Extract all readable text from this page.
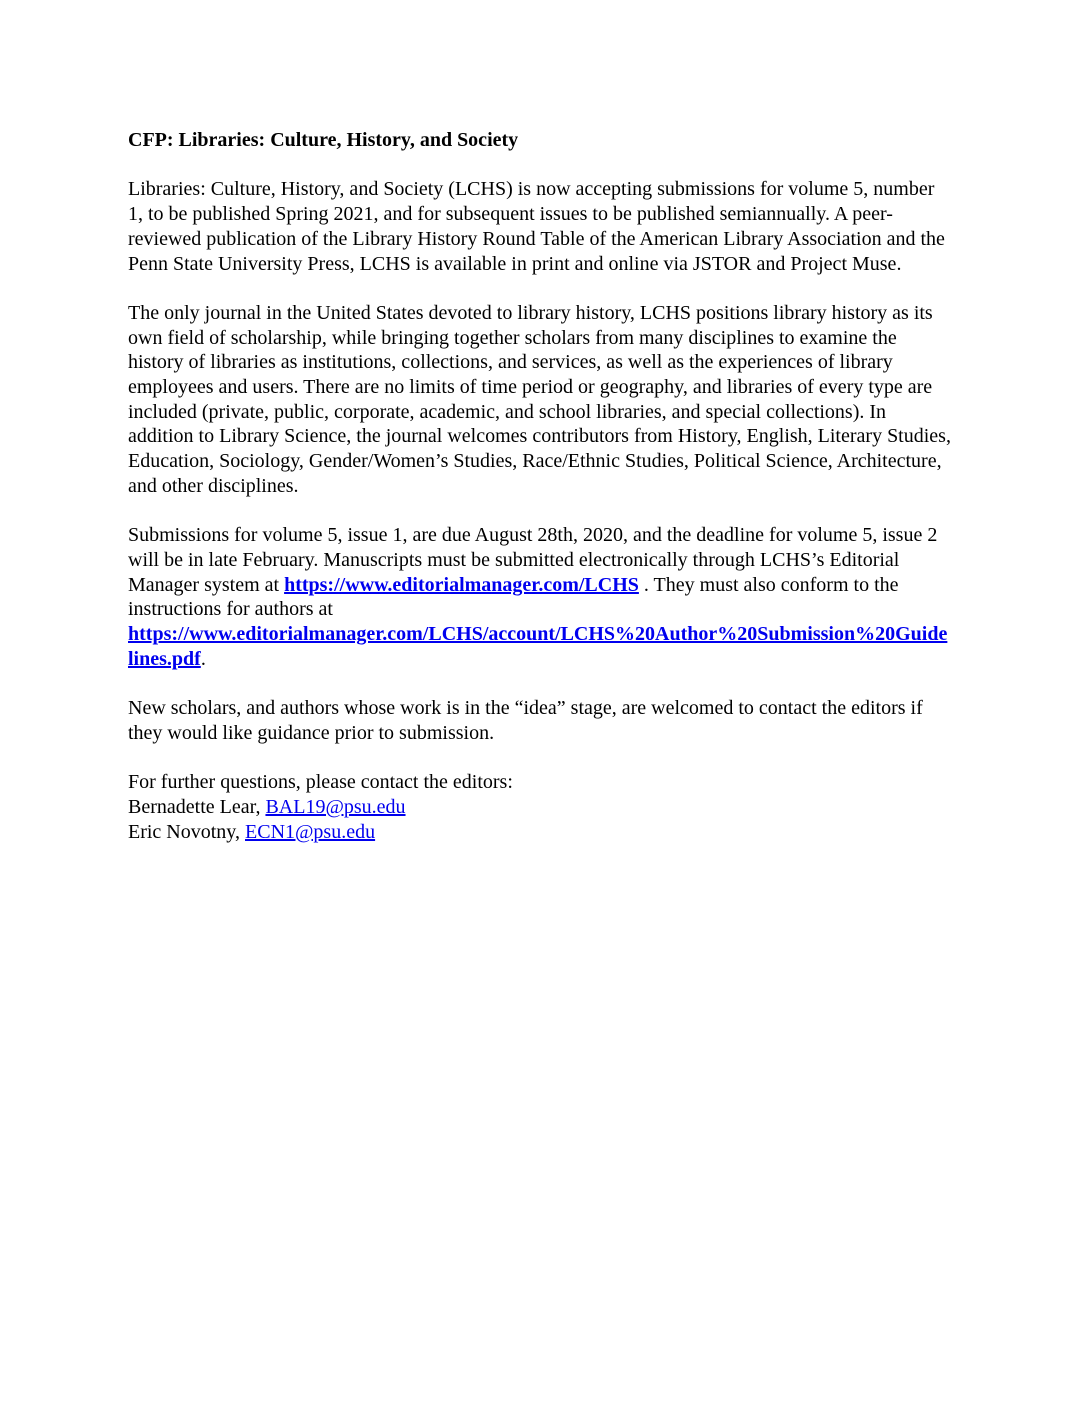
CFP: Libraries: Culture, History, and Society

Libraries: Culture, History, and Society (LCHS) is now accepting submissions for volume 5, number 1, to be published Spring 2021, and for subsequent issues to be published semiannually. A peer-reviewed publication of the Library History Round Table of the American Library Association and the Penn State University Press, LCHS is available in print and online via JSTOR and Project Muse.

The only journal in the United States devoted to library history, LCHS positions library history as its own field of scholarship, while bringing together scholars from many disciplines to examine the history of libraries as institutions, collections, and services, as well as the experiences of library employees and users. There are no limits of time period or geography, and libraries of every type are included (private, public, corporate, academic, and school libraries, and special collections). In addition to Library Science, the journal welcomes contributors from History, English, Literary Studies, Education, Sociology, Gender/Women’s Studies, Race/Ethnic Studies, Political Science, Architecture, and other disciplines.

Submissions for volume 5, issue 1, are due August 28th, 2020, and the deadline for volume 5, issue 2 will be in late February. Manuscripts must be submitted electronically through LCHS’s Editorial Manager system at https://www.editorialmanager.com/LCHS . They must also conform to the instructions for authors at https://www.editorialmanager.com/LCHS/account/LCHS%20Author%20Submission%20Guidelines.pdf.

New scholars, and authors whose work is in the “idea” stage, are welcomed to contact the editors if they would like guidance prior to submission.

For further questions, please contact the editors:
Bernadette Lear, BAL19@psu.edu
Eric Novotny, ECN1@psu.edu
